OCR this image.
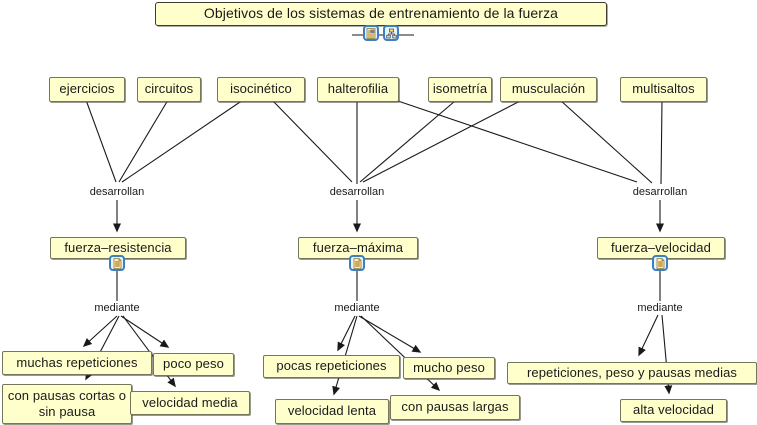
Objetivos de los sistemas de entrenamiento de la fuerza
ejercicios	circuitos	isocinético	halterofilia	isometría	musculación	multisaltos
desarrollan	desarrollan	desarrollan
fuerza–resistencia	fuerza–máxima	fuerza–velocidad
mediante	mediante	mediante
muchas repeticiones	poco peso
con pausas cortas o sin pausa
velocidad media
pocas repeticiones	mucho peso
velocidad lenta	con pausas largas
repeticiones, peso y pausas medias
alta velocidad
